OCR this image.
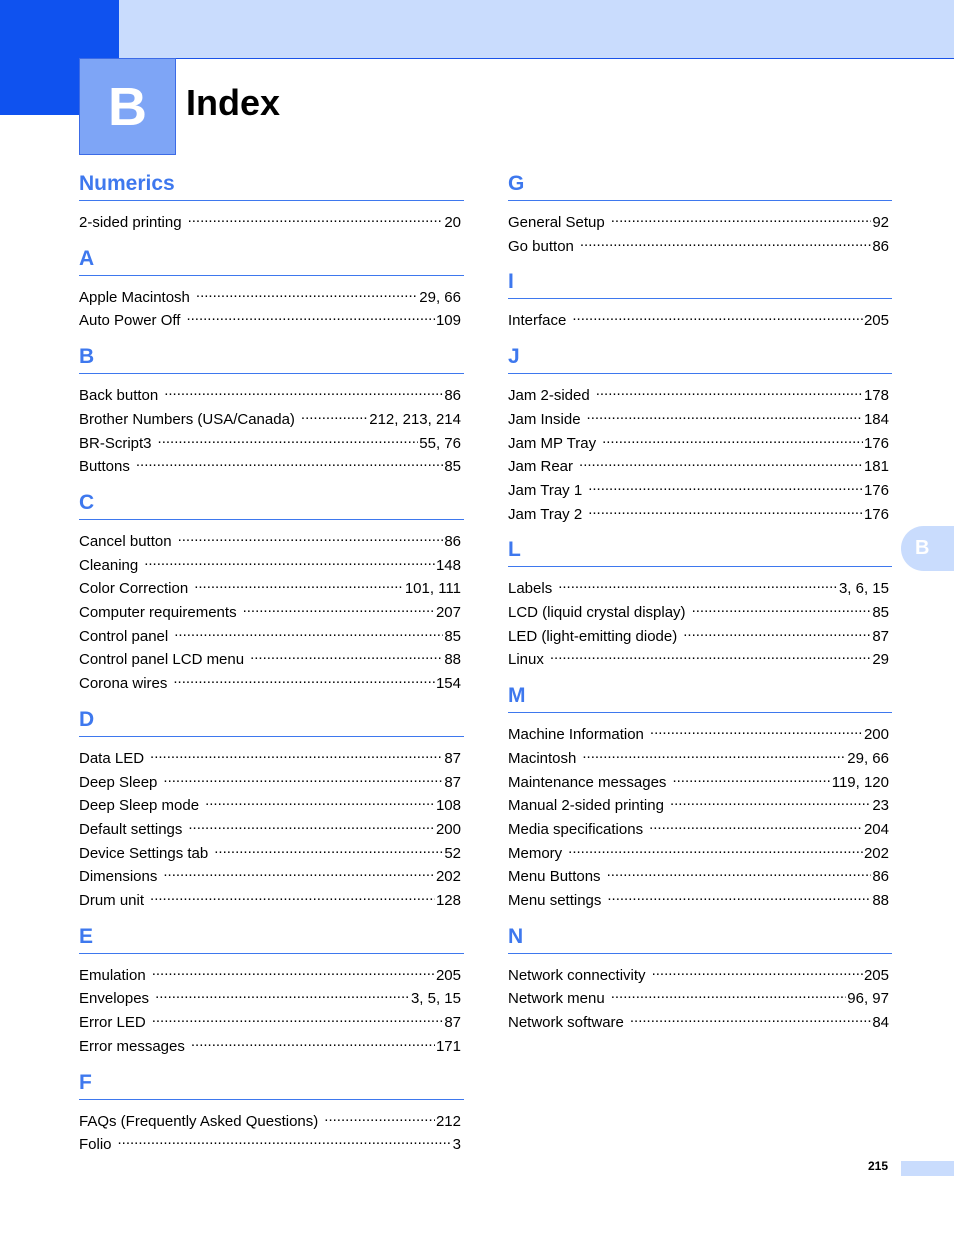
B	Index
Numerics
2-sided printing .....	20
A
Apple Macintosh .....	29, 66
Auto Power Off .....	109
B
Back button .....	86
Brother Numbers (USA/Canada) .....	212, 213, 214
BR-Script3 .....	55, 76
Buttons .....	85
C
Cancel button .....	86
Cleaning .....	148
Color Correction .....	101, 111
Computer requirements .....	207
Control panel .....	85
Control panel LCD menu .....	88
Corona wires .....	154
D
Data LED .....	87
Deep Sleep .....	87
Deep Sleep mode .....	108
Default settings .....	200
Device Settings tab .....	52
Dimensions .....	202
Drum unit .....	128
E
Emulation .....	205
Envelopes .....	3, 5, 15
Error LED .....	87
Error messages .....	171
F
FAQs (Frequently Asked Questions) .....	212
Folio .....	3
G
General Setup .....	92
Go button .....	86
I
Interface .....	205
J
Jam 2-sided .....	178
Jam Inside .....	184
Jam MP Tray .....	176
Jam Rear .....	181
Jam Tray 1 .....	176
Jam Tray 2 .....	176
L
Labels .....	3, 6, 15
LCD (liquid crystal display) .....	85
LED (light-emitting diode) .....	87
Linux .....	29
M
Machine Information .....	200
Macintosh .....	29, 66
Maintenance messages .....	119, 120
Manual 2-sided printing .....	23
Media specifications .....	204
Memory .....	202
Menu Buttons .....	86
Menu settings .....	88
N
Network connectivity .....	205
Network menu .....	96, 97
Network software .....	84
B
215
